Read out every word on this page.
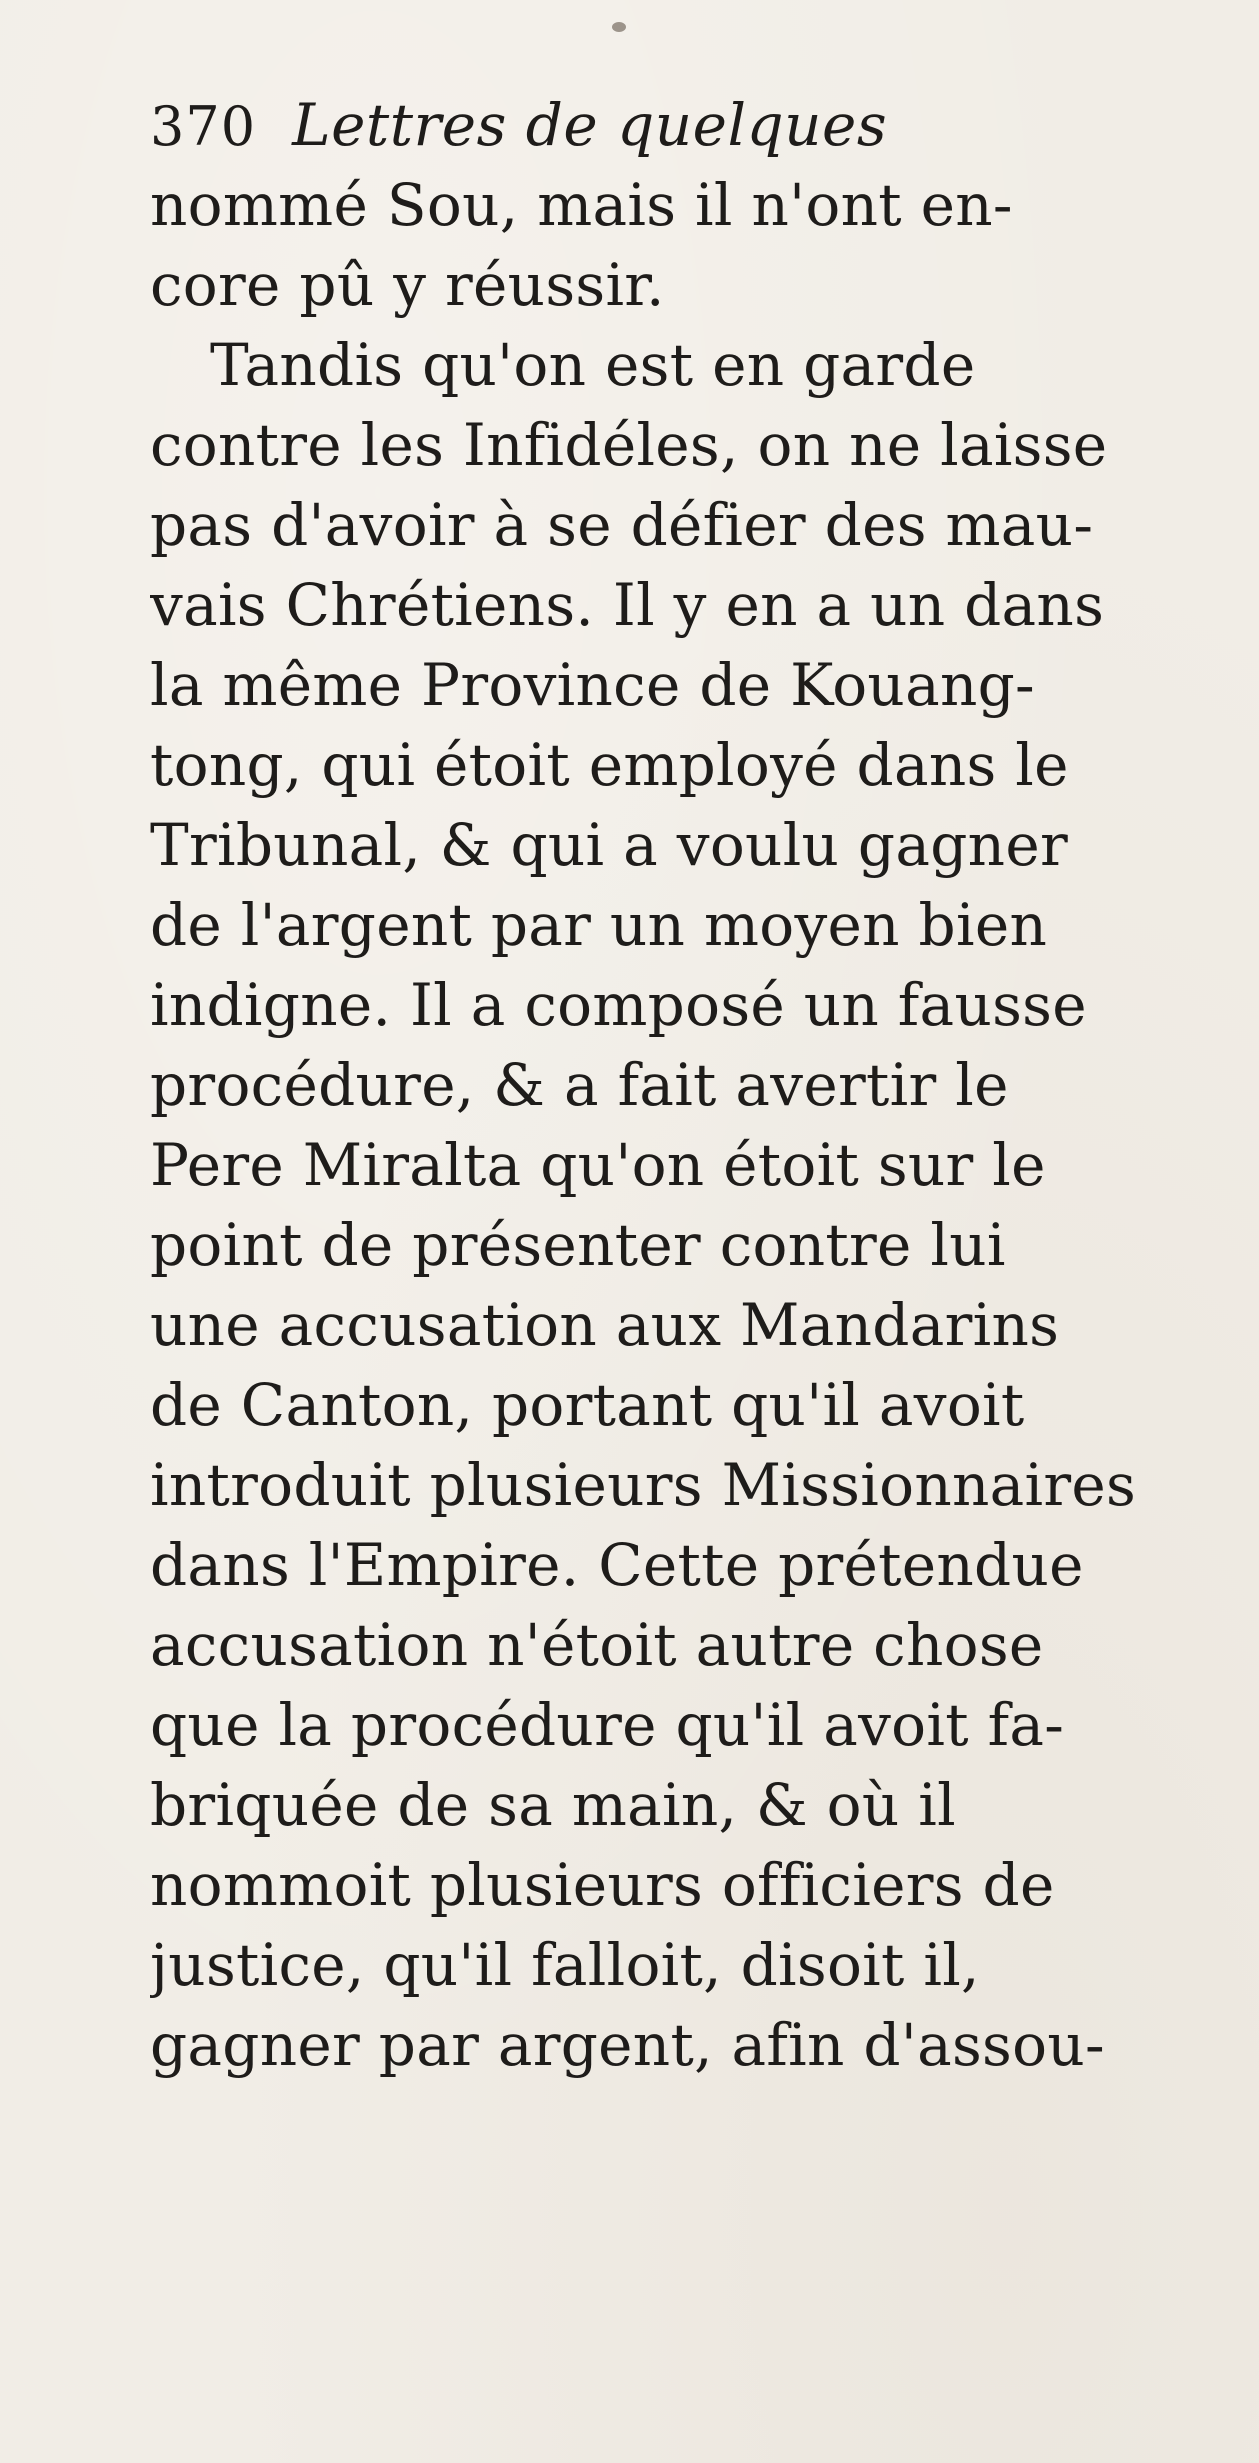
370 Lettres de quelques
nommé Sou, mais il n'ont en-
core pû y réussir.
Tandis qu'on est en garde
contre les Infidéles, on ne laisse
pas d'avoir à se défier des mau-
vais Chrétiens. Il y en a un dans
la même Province de Kouang-
tong, qui étoit employé dans le
Tribunal, & qui a voulu gagner
de l'argent par un moyen bien
indigne. Il a composé un fausse
procédure, & a fait avertir le
Pere Miralta qu'on étoit sur le
point de présenter contre lui
une accusation aux Mandarins
de Canton, portant qu'il avoit
introduit plusieurs Missionnaires
dans l'Empire. Cette prétendue
accusation n'étoit autre chose
que la procédure qu'il avoit fa-
briquée de sa main, & où il
nommoit plusieurs officiers de
justice, qu'il falloit, disoit il,
gagner par argent, afin d'assou-
